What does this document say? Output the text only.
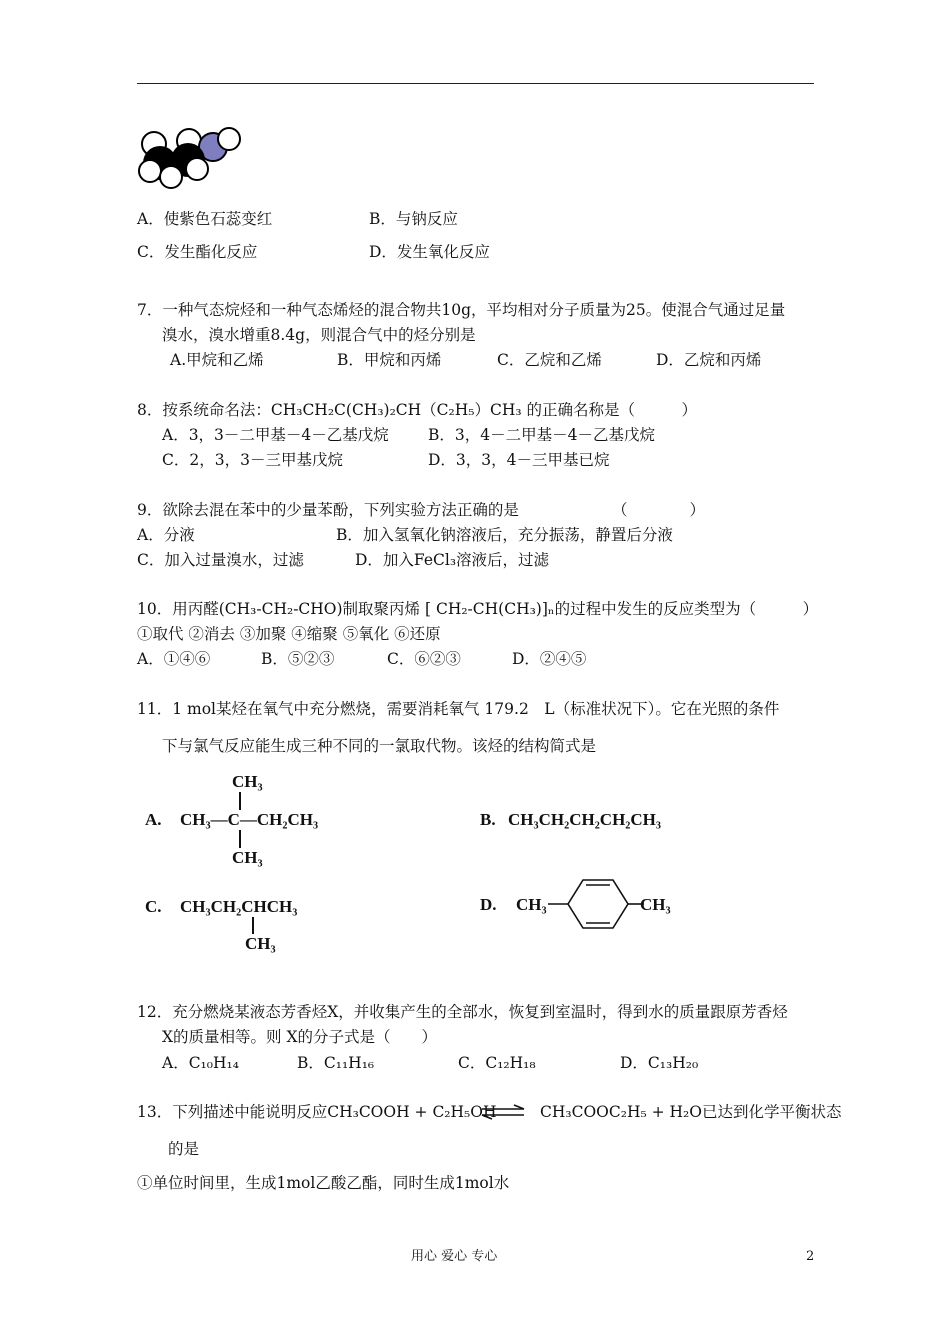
A．使紫色石蕊变红	B．与钠反应
C．发生酯化反应	D．发生氧化反应
7．一种气态烷烃和一种气态烯烃的混合物共10g，平均相对分子质量为25。使混合气通过足量
溴水，溴水增重8.4g，则混合气中的烃分别是
A.甲烷和乙烯	B．甲烷和丙烯	C．乙烷和乙烯	D．乙烷和丙烯
8．按系统命名法：CH₃CH₂C(CH₃)₂CH（C₂H₅）CH₃ 的正确名称是（　　　）
A．3，3－二甲基－4－乙基戊烷	B．3，4－二甲基－4－乙基戊烷
C．2，3，3－三甲基戊烷	D．3，3，4－三甲基已烷
9．欲除去混在苯中的少量苯酚，下列实验方法正确的是	（　　　　）
A．分液	B．加入氢氧化钠溶液后，充分振荡，静置后分液
C．加入过量溴水，过滤	D．加入FeCl₃溶液后，过滤
10．用丙醛(CH₃-CH₂-CHO)制取聚丙烯 [ CH₂-CH(CH₃)]ₙ的过程中发生的反应类型为（　　　）
①取代 ②消去 ③加聚 ④缩聚 ⑤氧化 ⑥还原
A．①④⑥	B．⑤②③	C．⑥②③	D．②④⑤
11．1 mol某烃在氧气中充分燃烧，需要消耗氧气 179.2　L（标准状况下）。它在光照的条件
下与氯气反应能生成三种不同的一氯取代物。该烃的结构简式是
A.
CH₃
CH₃—C—CH₂CH₃
CH₃
B. CH₃CH₂CH₂CH₂CH₃
C. CH₃CH₂CHCH₃
CH₃
D. CH₃	CH₃
12．充分燃烧某液态芳香烃X，并收集产生的全部水，恢复到室温时，得到水的质量跟原芳香烃
X的质量相等。则 X的分子式是（　　）
A．C₁₀H₁₄	B．C₁₁H₁₆	C．C₁₂H₁₈	D．C₁₃H₂₀
13．下列描述中能说明反应CH₃COOH + C₂H₅OH ⇌ CH₃COOC₂H₅ + H₂O已达到化学平衡状态
的是
①单位时间里，生成1mol乙酸乙酯，同时生成1mol水
用心 爱心 专心	2
